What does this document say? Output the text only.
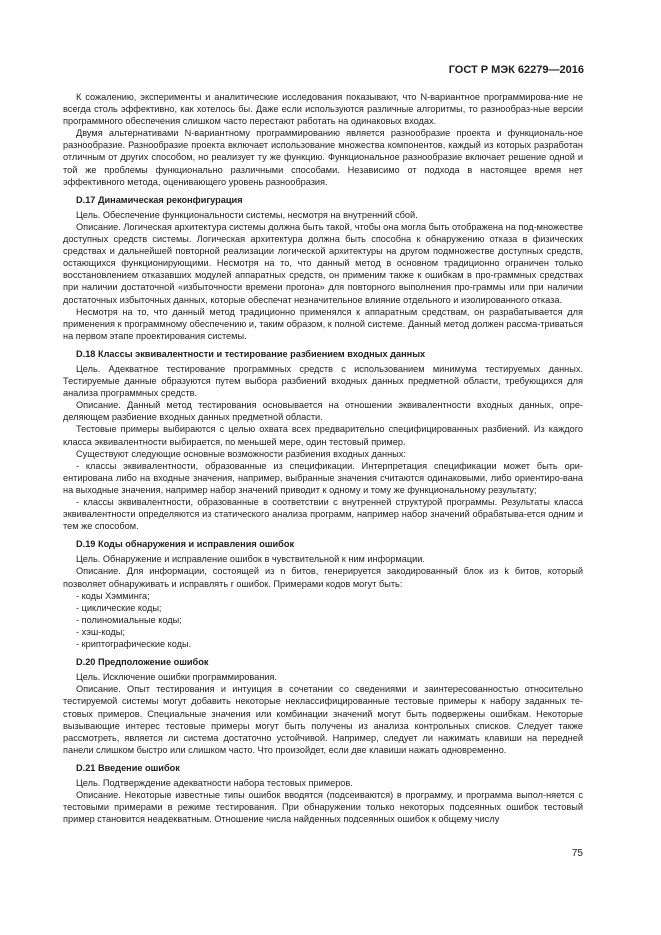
ГОСТ Р МЭК 62279—2016

К сожалению, эксперименты и аналитические исследования показывают, что N-вариантное программирова-ние не всегда столь эффективно, как хотелось бы. Даже если используются различные алгоритмы, то разнообраз-ные версии программного обеспечения слишком часто перестают работать на одинаковых входах.

Двумя альтернативами N-вариантному программированию является разнообразие проекта и функциональ-ное разнообразие. Разнообразие проекта включает использование множества компонентов, каждый из которых разработан отличным от других способом, но реализует ту же функцию. Функциональное разнообразие включает решение одной и той же проблемы функционально различными способами. Независимо от подхода в настоящее время нет эффективного метода, оценивающего уровень разнообразия.

D.17 Динамическая реконфигурация

Цель. Обеспечение функциональности системы, несмотря на внутренний сбой.

Описание. Логическая архитектура системы должна быть такой, чтобы она могла быть отображена на под-множестве доступных средств системы. Логическая архитектура должна быть способна к обнаружению отказа в физических средствах и дальнейшей повторной реализации логической архитектуры на другом подмножестве доступных средств, остающихся функционирующими. Несмотря на то, что данный метод в основном традиционно ограничен только восстановлением отказавших модулей аппаратных средств, он применим также к ошибкам в про-граммных средствах при наличии достаточной «избыточности времени прогона» для повторного выполнения про-граммы или при наличии достаточных избыточных данных, которые обеспечат незначительное влияние отдельного и изолированного отказа.

Несмотря на то, что данный метод традиционно применялся к аппаратным средствам, он разрабатывается для применения к программному обеспечению и, таким образом, к полной системе. Данный метод должен рассма-триваться на первом этапе проектирования системы.

D.18 Классы эквивалентности и тестирование разбиением входных данных

Цель. Адекватное тестирование программных средств с использованием минимума тестируемых данных. Тестируемые данные образуются путем выбора разбиений входных данных предметной области, требующихся для анализа программных средств.

Описание. Данный метод тестирования основывается на отношении эквивалентности входных данных, опре-деляющем разбиение входных данных предметной области.

Тестовые примеры выбираются с целью охвата всех предварительно специфицированных разбиений. Из каждого класса эквивалентности выбирается, по меньшей мере, один тестовый пример.

Существуют следующие основные возможности разбиения входных данных:

- классы эквивалентности, образованные из спецификации. Интерпретация спецификации может быть ори-ентирована либо на входные значения, например, выбранные значения считаются одинаковыми, либо ориентиро-вана на выходные значения, например набор значений приводит к одному и тому же функциональному результату;

- классы эквивалентности, образованные в соответствии с внутренней структурой программы. Результаты класса эквивалентности определяются из статического анализа программ, например набор значений обрабатыва-ется одним и тем же способом.

D.19 Коды обнаружения и исправления ошибок

Цель. Обнаружение и исправление ошибок в чувствительной к ним информации.

Описание. Для информации, состоящей из n битов, генерируется закодированный блок из k битов, который позволяет обнаруживать и исправлять r ошибок. Примерами кодов могут быть:

- коды Хэмминга;
- циклические коды;
- полиномиальные коды;
- хэш-коды;
- криптографические коды.
D.20 Предположение ошибок

Цель. Исключение ошибки программирования.

Описание. Опыт тестирования и интуиция в сочетании со сведениями и заинтересованностью относительно тестируемой системы могут добавить некоторые неклассифицированные тестовые примеры к набору заданных те-стовых примеров. Специальные значения или комбинации значений могут быть подвержены ошибкам. Некоторые вызывающие интерес тестовые примеры могут быть получены из анализа контрольных списков. Следует также рассмотреть, является ли система достаточно устойчивой. Например, следует ли нажимать клавиши на передней панели слишком быстро или слишком часто. Что произойдет, если две клавиши нажать одновременно.

D.21 Введение ошибок

Цель. Подтверждение адекватности набора тестовых примеров.

Описание. Некоторые известные типы ошибок вводятся (подсеиваются) в программу, и программа выпол-няется с тестовыми примерами в режиме тестирования. При обнаружении только некоторых подсеянных ошибок тестовый пример становится неадекватным. Отношение числа найденных подсеянных ошибок к общему числу

75
